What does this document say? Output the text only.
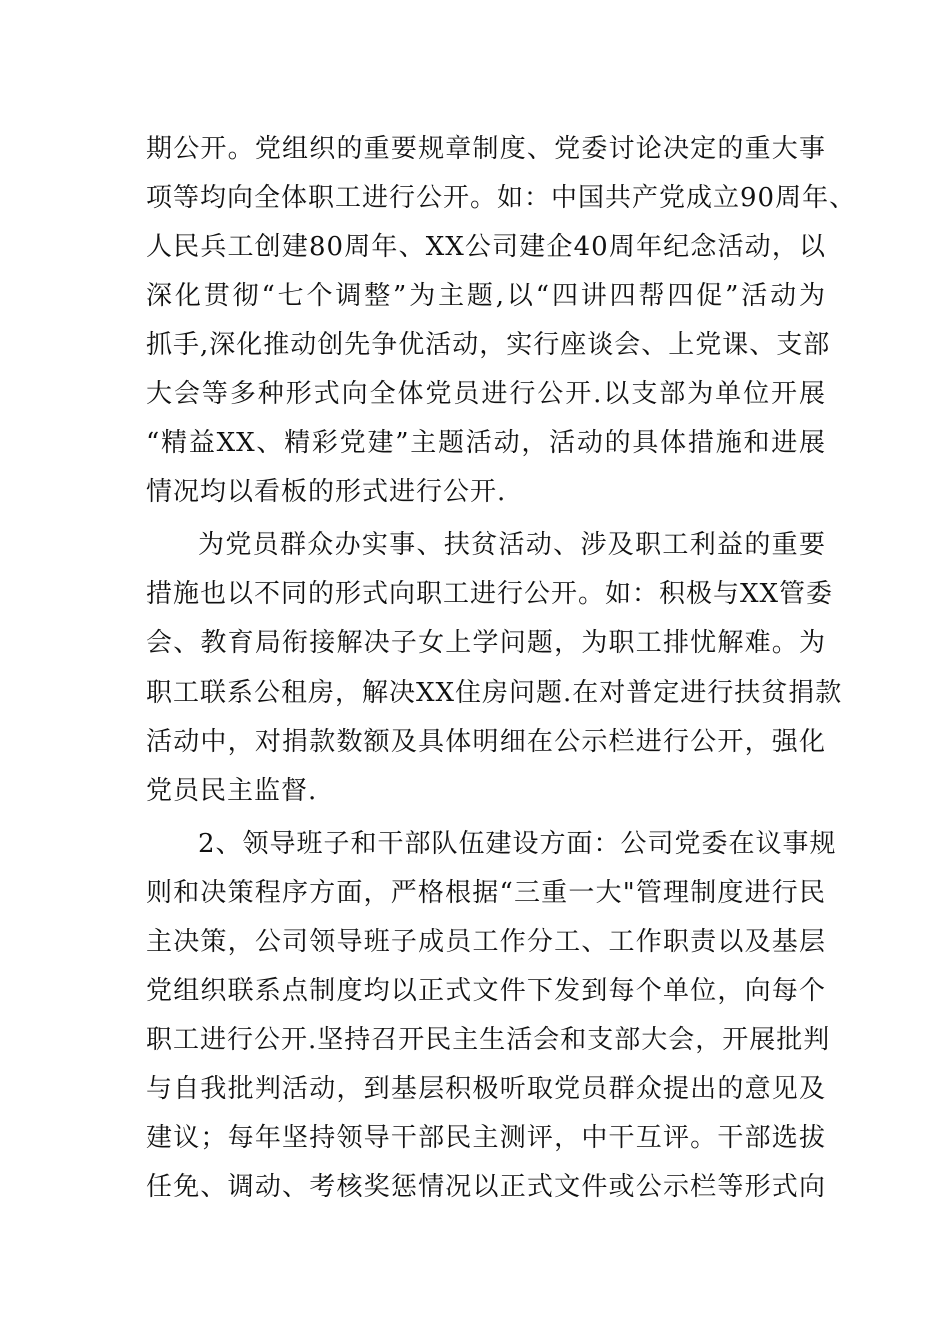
期公开。党组织的重要规章制度、党委讨论决定的重大事
项等均向全体职工进行公开。如：中国共产党成立90周年、
人民兵工创建80周年、XX公司建企40周年纪念活动，以
深化贯彻“七个调整”为主题,以“四讲四帮四促”活动为
抓手,深化推动创先争优活动，实行座谈会、上党课、支部
大会等多种形式向全体党员进行公开.以支部为单位开展
“精益XX、精彩党建”主题活动，活动的具体措施和进展
情况均以看板的形式进行公开.
为党员群众办实事、扶贫活动、涉及职工利益的重要
措施也以不同的形式向职工进行公开。如：积极与XX管委
会、教育局衔接解决子女上学问题，为职工排忧解难。为
职工联系公租房，解决XX住房问题.在对普定进行扶贫捐款
活动中，对捐款数额及具体明细在公示栏进行公开，强化
党员民主监督.
2、领导班子和干部队伍建设方面：公司党委在议事规
则和决策程序方面，严格根据“三重一大"管理制度进行民
主决策，公司领导班子成员工作分工、工作职责以及基层
党组织联系点制度均以正式文件下发到每个单位，向每个
职工进行公开.坚持召开民主生活会和支部大会，开展批判
与自我批判活动，到基层积极听取党员群众提出的意见及
建议；每年坚持领导干部民主测评，中干互评。干部选拔
任免、调动、考核奖惩情况以正式文件或公示栏等形式向
